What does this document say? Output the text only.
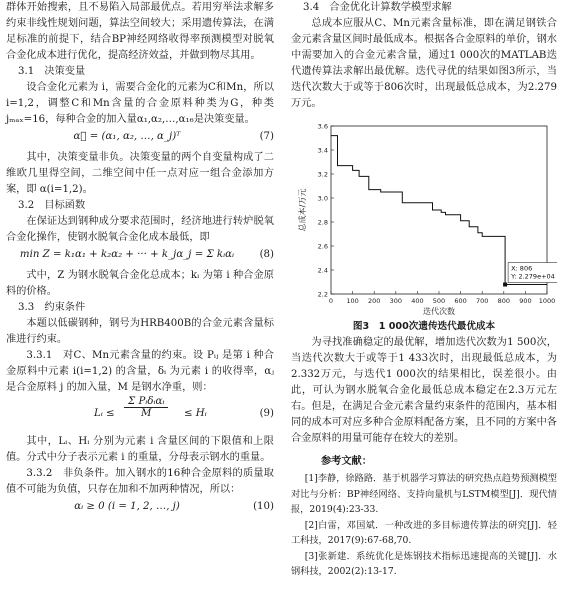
群体开始搜索，且不易陷入局部最优点。若用穷举法求解多约束非线性规划问题，算法空间较大；采用遗传算法，在满足标准的前提下，结合BP神经网络收得率预测模型对脱氧合金化成本进行优化，提高经济效益，并做到物尽其用。

3.1　决策变量

设合金化元素为 i，需要合金化的元素为C和Mn，所以 i=1,2，调整C和Mn含量的合金原料种类为G，种类 jₘₐₓ=16，每种合金的加入量α₁,α₂,…,α₁₆是决策变量。

α⃗ = (α₁, α₂, …, α_j)ᵀ	(7)

其中，决策变量非负。决策变量的两个自变量构成了二维欧几里得空间，二维空间中任一点对应一组合金添加方案，即 α(i=1,2)。

3.2　目标函数

在保证达到钢种成分要求范围时，经济地进行转炉脱氧合金化操作，使钢水脱氧合金化成本最低，即

min Z = k₁α₁ + k₂α₂ + ··· + k_jα_j = Σ kᵢαᵢ	(8)

式中，Z 为钢水脱氧合金化总成本；kᵢ 为第 i 种合金原料的价格。

3.3　约束条件

本题以低碳钢种，钢号为HRB400B的合金元素含量标准进行约束。

3.3.1　对C、Mn元素含量的约束。设 Pᵢⱼ 是第 i 种合金原料中元素 i(i=1,2) 的含量，δᵢ 为元素 i 的收得率，αⱼ 是合金原料 j 的加入量，M 是钢水净重，则：

Lᵢ ≤
Σ Pᵢδᵢαᵢ
M	≤ Hᵢ	(9)

其中，Lᵢ、Hᵢ 分别为元素 i 含量区间的下限值和上限值。分式中分子表示元素 i 的重量，分母表示钢水的重量。

3.3.2　非负条件。加入钢水的16种合金原料的质量取值不可能为负值，只存在加和不加两种情况，所以：

αᵢ ≥ 0 (i = 1, 2, …, j)	(10)
3.4　合金优化计算数学模型求解

总成本应服从C、Mn元素含量标准，即在满足钢铁合金元素含量区间时最低成本。根据各合金原料的单价，钢水中需要加入的合金元素含量，通过1 000次的MATLAB迭代遗传算法求解出最优解。迭代寻优的结果如图3所示，当迭代次数大于或等于806次时，出现最低总成本，为2.279万元。

0 100 200 300 400 500 600 700 800 900 1000
2.2
2.4
2.6
2.8
3.0
3.2
3.4
3.6
迭代次数
总成本/万元
X: 806
Y: 2.279e+04
图3　1 000次遗传迭代最优成本

为寻找准确稳定的最优解，增加迭代次数为1 500次，当迭代次数大于或等于1 433次时，出现最低总成本，为2.332万元，与迭代1 000次的结果相比，误差很小。由此，可认为钢水脱氧合金化最低总成本稳定在2.3万元左右。但是，在满足合金元素含量约束条件的范围内，基本相同的成本可对应多种合金原料配备方案，且不同的方案中各合金原料的用量可能存在较大的差别。

参考文献：

[1]李静，徐路路．基于机器学习算法的研究热点趋势预测模型对比与分析：BP神经网络、支持向量机与LSTM模型[J]．现代情报，2019(4):23-33.

[2]白雷，邓国斌．一种改进的多目标遗传算法的研究[J]．轻工科技，2017(9):67-68,70.

[3]张新建．系统优化是炼钢技术指标迅速提高的关键[J]．水钢科技，2002(2):13-17.
